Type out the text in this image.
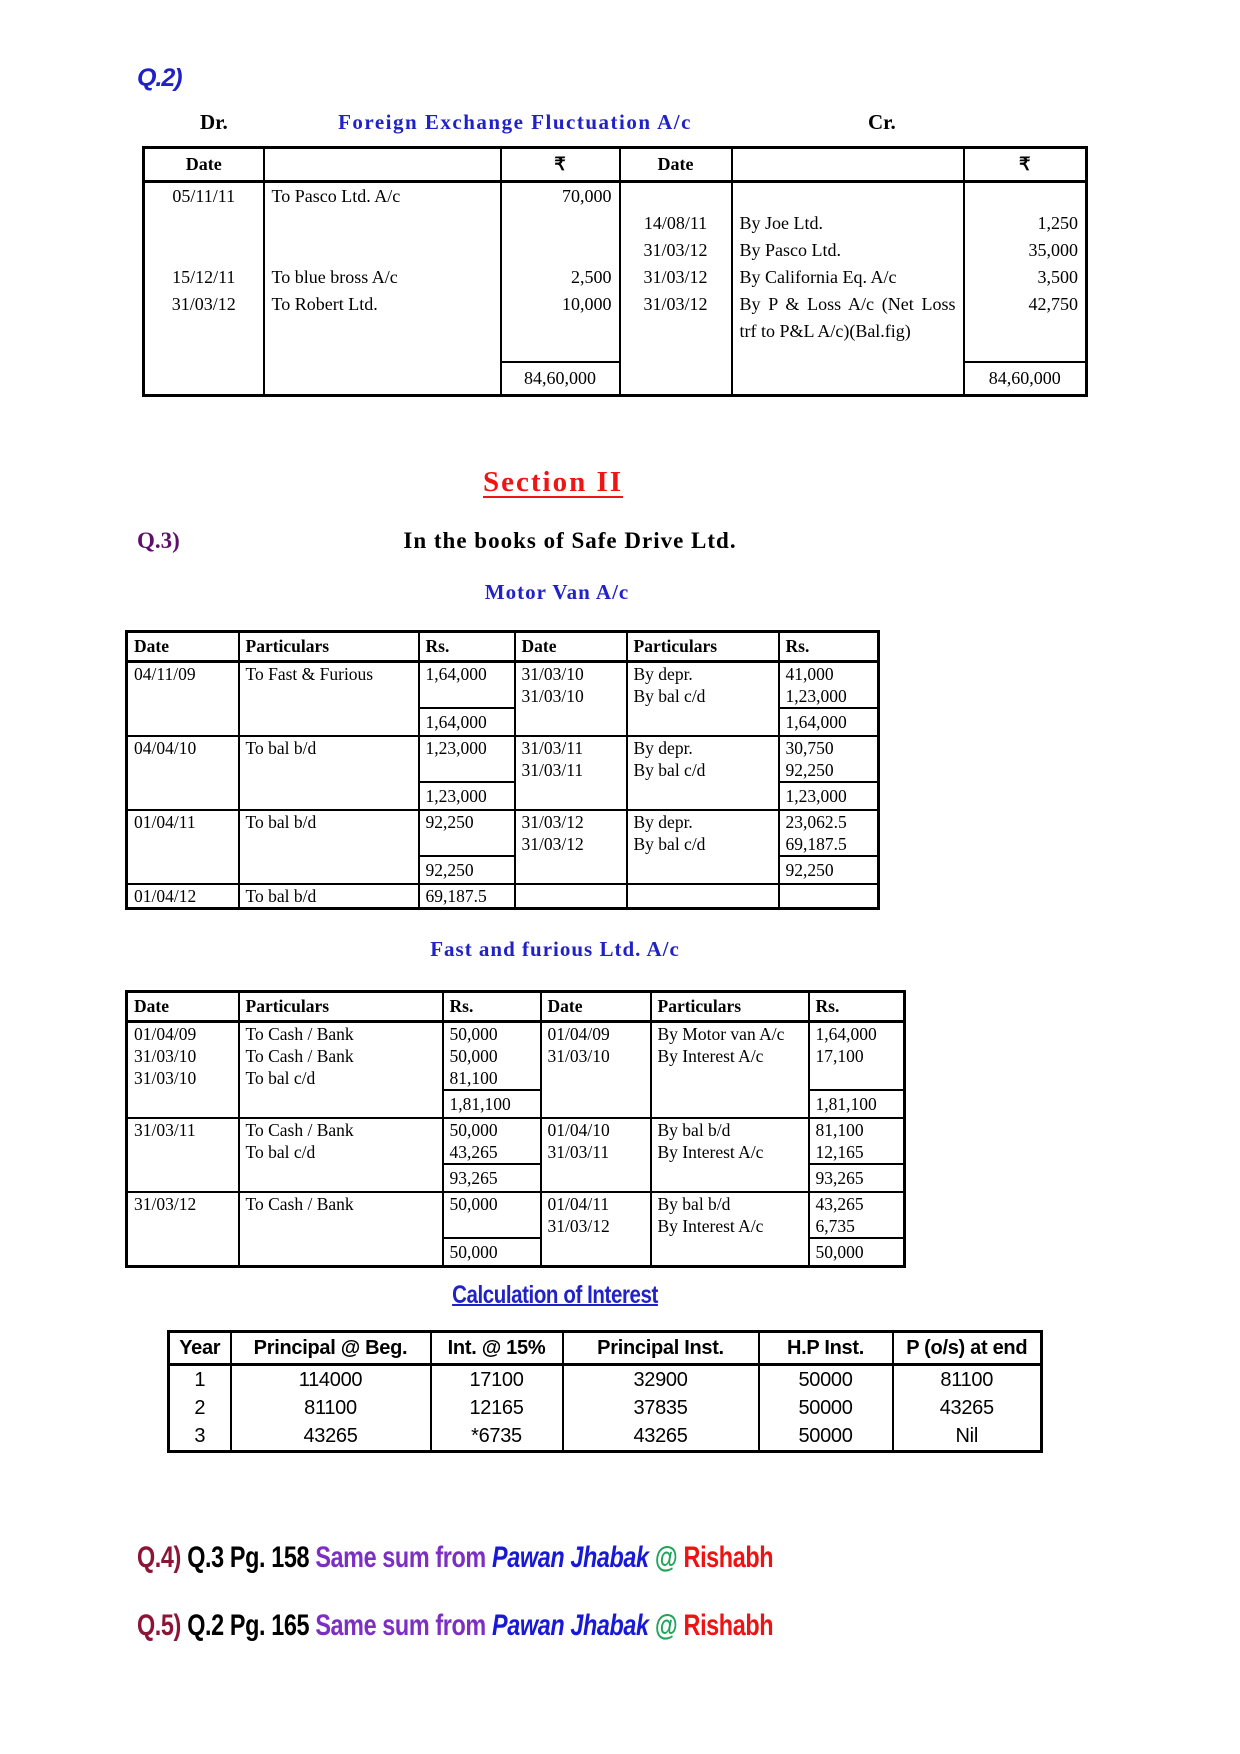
Q.2)
Dr.	Foreign Exchange Fluctuation A/c	Cr.
Date		₹	Date		₹
05/11/11	To Pasco Ltd. A/c	70,000			
			14/08/11	By Joe Ltd.	1,250
			31/03/12	By Pasco Ltd.	35,000
15/12/11	To blue bross A/c	2,500	31/03/12	By California Eq. A/c	3,500
31/03/12	To Robert Ltd.	10,000	31/03/12	By P & Loss A/c (Net Loss trf to P&L A/c)(Bal.fig)	42,750

		84,60,000			84,60,000
Section II
Q.3)	In the books of Safe Drive Ltd.
Motor Van A/c
Date	Particulars	Rs.	Date	Particulars	Rs.
04/11/09	To Fast & Furious	1,64,000	31/03/10	By depr.	41,000
			31/03/10	By bal c/d	1,23,000
		1,64,000			1,64,000
04/04/10	To bal b/d	1,23,000	31/03/11	By depr.	30,750
			31/03/11	By bal c/d	92,250
		1,23,000			1,23,000
01/04/11	To bal b/d	92,250	31/03/12	By depr.	23,062.5
			31/03/12	By bal c/d	69,187.5
		92,250			92,250
01/04/12	To bal b/d	69,187.5			
Fast and furious Ltd. A/c
Date	Particulars	Rs.	Date	Particulars	Rs.
01/04/09	To Cash / Bank	50,000	01/04/09	By Motor van A/c	1,64,000
31/03/10	To Cash / Bank	50,000	31/03/10	By Interest A/c	17,100
31/03/10	To bal c/d	81,100			
		1,81,100			1,81,100
31/03/11	To Cash / Bank	50,000	01/04/10	By bal b/d	81,100
	To bal c/d	43,265	31/03/11	By Interest A/c	12,165
		93,265			93,265
31/03/12	To Cash / Bank	50,000	01/04/11	By bal b/d	43,265
			31/03/12	By Interest A/c	6,735
		50,000			50,000
Calculation of Interest
Year	Principal @ Beg.	Int. @ 15%	Principal Inst.	H.P Inst.	P (o/s) at end
1	114000	17100	32900	50000	81100
2	81100	12165	37835	50000	43265
3	43265	*6735	43265	50000	Nil
Q.4) Q.3 Pg. 158 Same sum from Pawan Jhabak @ Rishabh
Q.5) Q.2 Pg. 165 Same sum from Pawan Jhabak @ Rishabh
